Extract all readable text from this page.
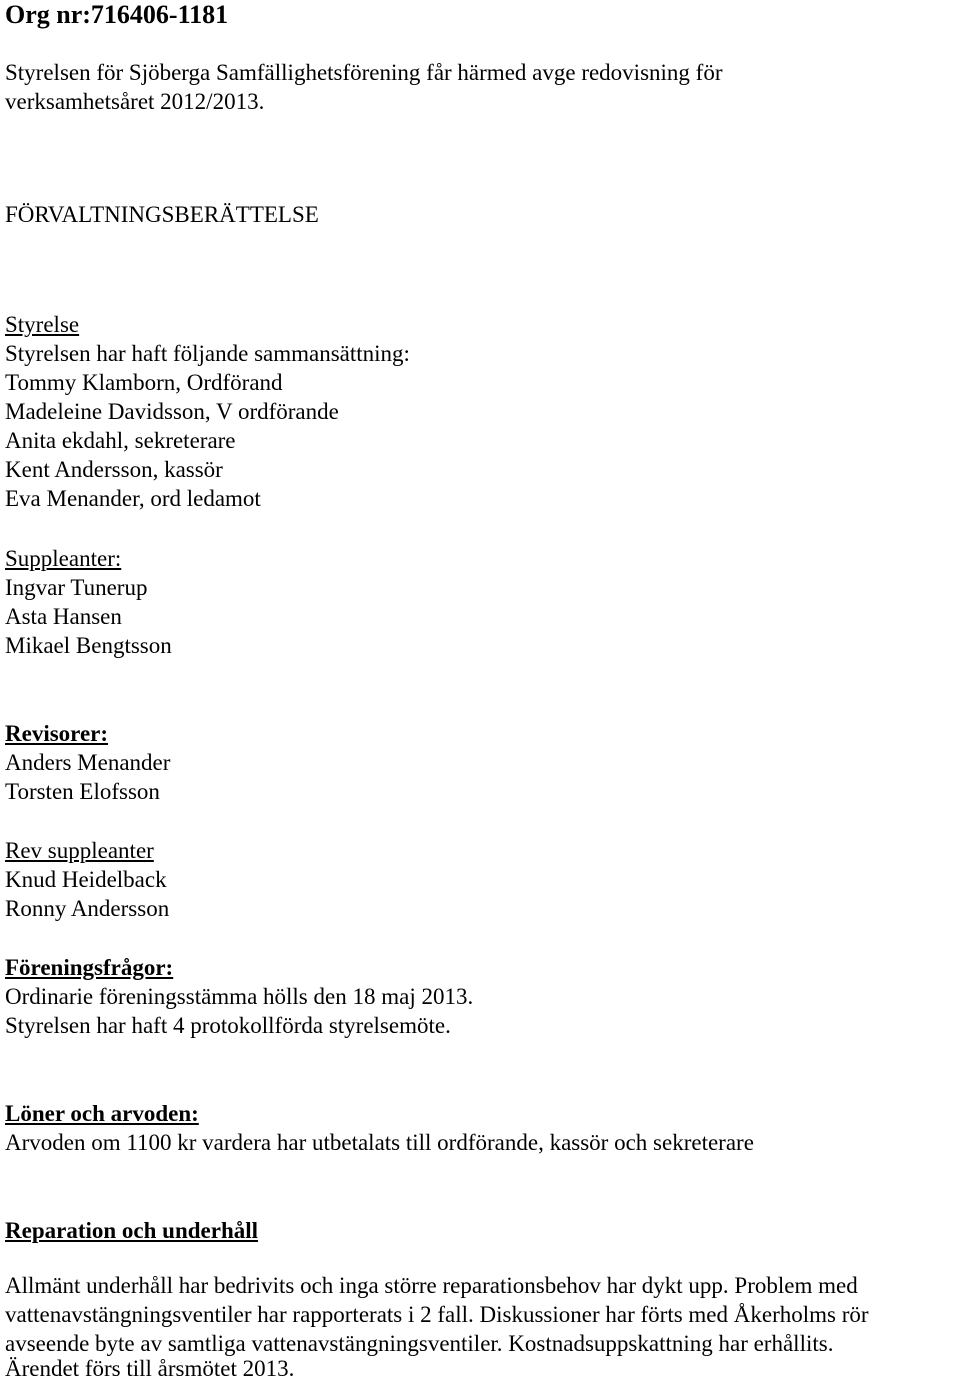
Org nr:716406-1181
Styrelsen för Sjöberga Samfällighetsförening får härmed avge redovisning för
verksamhetsåret 2012/2013.
FÖRVALTNINGSBERÄTTELSE
Styrelse
Styrelsen har haft följande sammansättning:
Tommy Klamborn, Ordförand
Madeleine Davidsson, V ordförande
Anita ekdahl, sekreterare
Kent Andersson, kassör
Eva Menander, ord ledamot
Suppleanter:
Ingvar Tunerup
Asta Hansen
Mikael Bengtsson
Revisorer:
Anders Menander
Torsten Elofsson
Rev suppleanter
Knud Heidelback
Ronny Andersson
Föreningsfrågor:
Ordinarie föreningsstämma hölls den 18 maj 2013.
Styrelsen har haft 4 protokollförda styrelsemöte.
Löner och arvoden:
Arvoden om 1100 kr vardera har utbetalats till ordförande, kassör och sekreterare
Reparation och underhåll
Allmänt underhåll har bedrivits och inga större reparationsbehov har dykt upp. Problem med
vattenavstängningsventiler har rapporterats i 2 fall. Diskussioner har förts med Åkerholms rör
avseende byte av samtliga vattenavstängningsventiler. Kostnadsuppskattning har erhållits.
Ärendet förs till årsmötet 2013.
